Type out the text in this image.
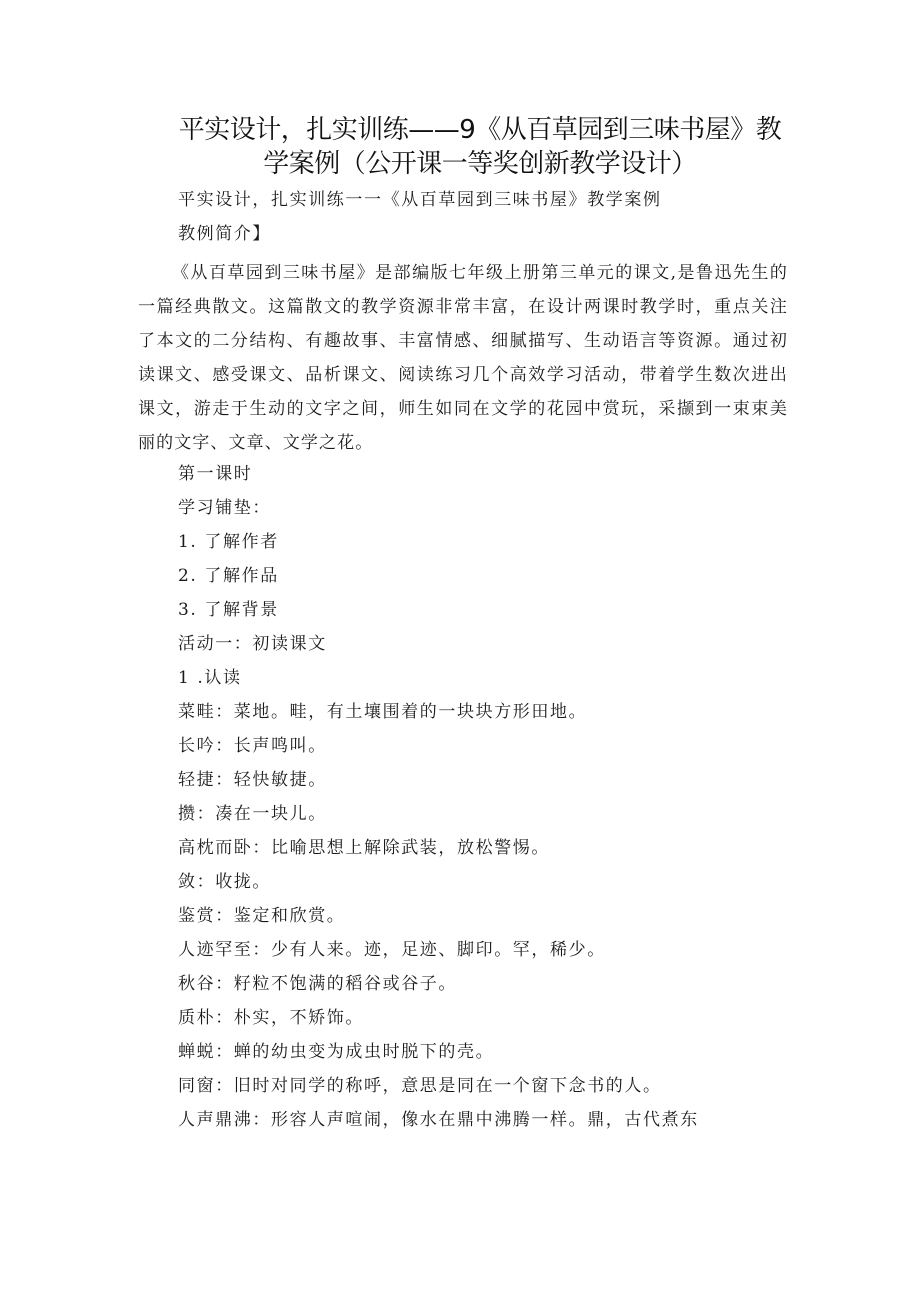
平实设计，扎实训练——9《从百草园到三味书屋》教
学案例（公开课一等奖创新教学设计）
平实设计，扎实训练一一《从百草园到三味书屋》教学案例
教例简介】
《从百草园到三味书屋》是部编版七年级上册第三单元的课文,是鲁迅先生的一篇经典散文。这篇散文的教学资源非常丰富，在设计两课时教学时，重点关注了本文的二分结构、有趣故事、丰富情感、细腻描写、生动语言等资源。通过初读课文、感受课文、品析课文、阅读练习几个高效学习活动，带着学生数次进出课文，游走于生动的文字之间，师生如同在文学的花园中赏玩，采撷到一束束美丽的文字、文章、文学之花。
第一课时
学习铺垫：
1. 了解作者
2. 了解作品
3. 了解背景
活动一：初读课文
1 .认读
菜畦：菜地。畦，有土壤围着的一块块方形田地。
长吟：长声鸣叫。
轻捷：轻快敏捷。
攒：凑在一块儿。
高枕而卧：比喻思想上解除武装，放松警惕。
敛：收拢。
鉴赏：鉴定和欣赏。
人迹罕至：少有人来。迹，足迹、脚印。罕，稀少。
秋谷：籽粒不饱满的稻谷或谷子。
质朴：朴实，不矫饰。
蝉蜕：蝉的幼虫变为成虫时脱下的壳。
同窗：旧时对同学的称呼，意思是同在一个窗下念书的人。
人声鼎沸：形容人声喧闹，像水在鼎中沸腾一样。鼎，古代煮东
